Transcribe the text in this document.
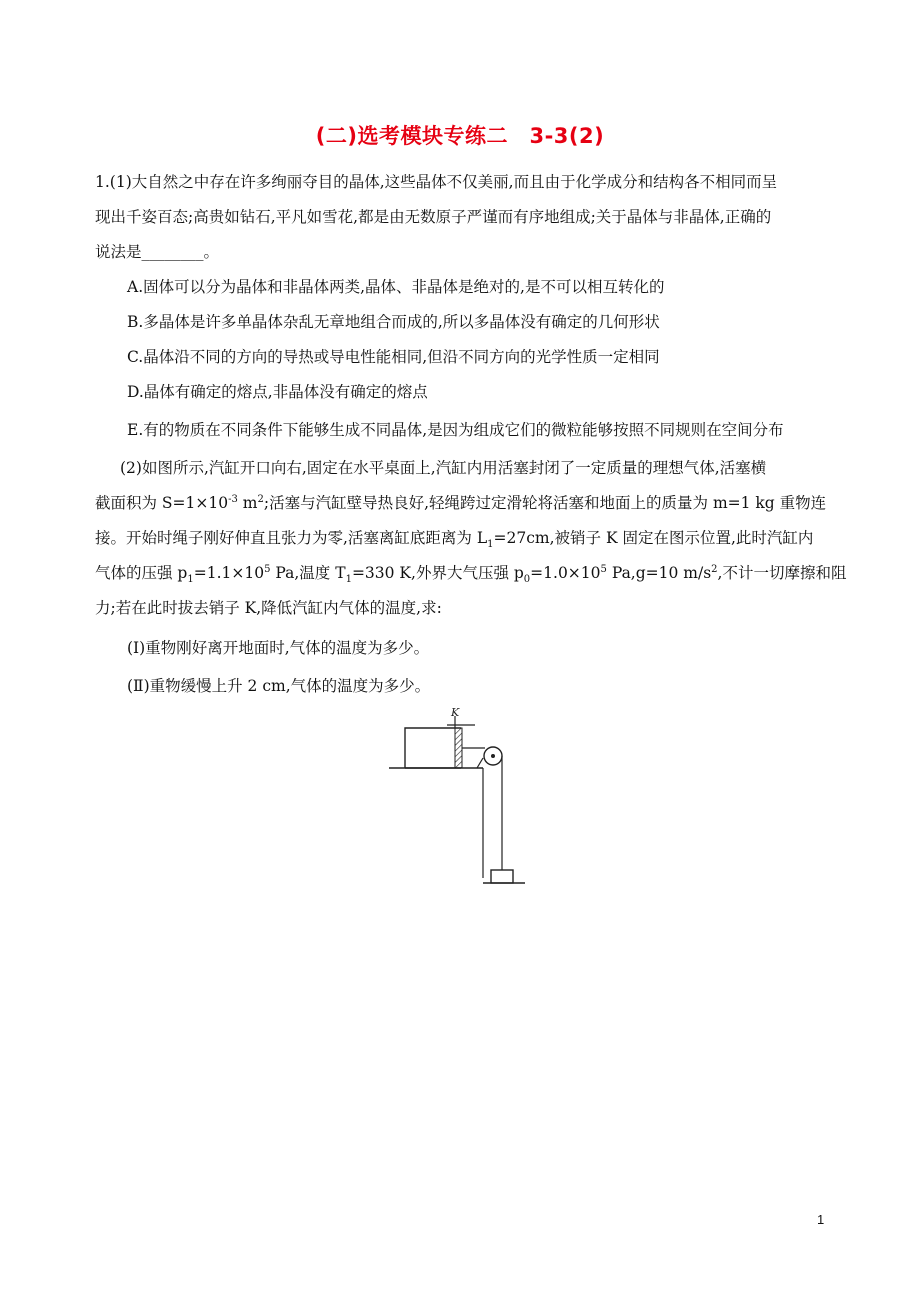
(二)选考模块专练二　3-3(2)
1.(1)大自然之中存在许多绚丽夺目的晶体,这些晶体不仅美丽,而且由于化学成分和结构各不相同而呈
现出千姿百态;高贵如钻石,平凡如雪花,都是由无数原子严谨而有序地组成;关于晶体与非晶体,正确的
说法是________。
A.固体可以分为晶体和非晶体两类,晶体、非晶体是绝对的,是不可以相互转化的
B.多晶体是许多单晶体杂乱无章地组合而成的,所以多晶体没有确定的几何形状
C.晶体沿不同的方向的导热或导电性能相同,但沿不同方向的光学性质一定相同
D.晶体有确定的熔点,非晶体没有确定的熔点
E.有的物质在不同条件下能够生成不同晶体,是因为组成它们的微粒能够按照不同规则在空间分布
(2)如图所示,汽缸开口向右,固定在水平桌面上,汽缸内用活塞封闭了一定质量的理想气体,活塞横
截面积为 $S=1\times 10^{-3}$ $m^2$;活塞与汽缸壁导热良好,轻绳跨过定滑轮将活塞和地面上的质量为 m=1 kg 重物连
接。开始时绳子刚好伸直且张力为零,活塞离缸底距离为 $L_1=27cm$,被销子 K 固定在图示位置,此时汽缸内
气体的压强 $p_1=1.1\times 10^5$ Pa,温度 $T_1=330$ K,外界大气压强 $p_0=1.0\times 10^5$ Pa,g=10 $m/s^2$,不计一切摩擦和阻
力;若在此时拔去销子 K,降低汽缸内气体的温度,求:
(Ⅰ)重物刚好离开地面时,气体的温度为多少。
(Ⅱ)重物缓慢上升 2 cm,气体的温度为多少。
K
1
